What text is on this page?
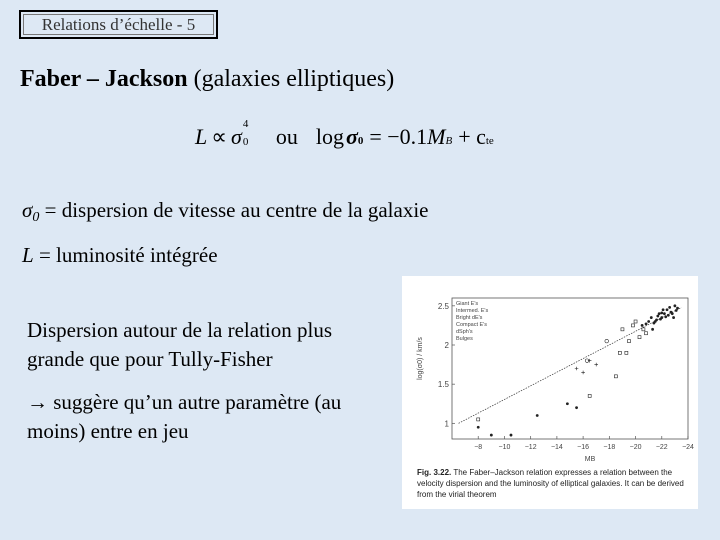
Relations d’échelle - 5
Faber – Jackson (galaxies elliptiques)
L ∝ σ 4
0 ou log σ 0 = −0.1 M B + c te
$\sigma_0$ = dispersion de vitesse au centre de la galaxie
L = luminosité intégrée
Dispersion autour de la relation plus grande que pour Tully-Fisher
→ suggère qu’un autre paramètre (au moins) entre en jeu
−8 −10 −12 −14 −16 −18 −20 −22 −24
1
1.5
2
2.5
MB
log(σ0) / km/s
Giant E's
Intermed. E's
Bright dE's
Compact E's
dSph's
Bulges
Fig. 3.22. The Faber–Jackson relation expresses a relation between the velocity dispersion and the luminosity of elliptical galaxies. It can be derived from the virial theorem
